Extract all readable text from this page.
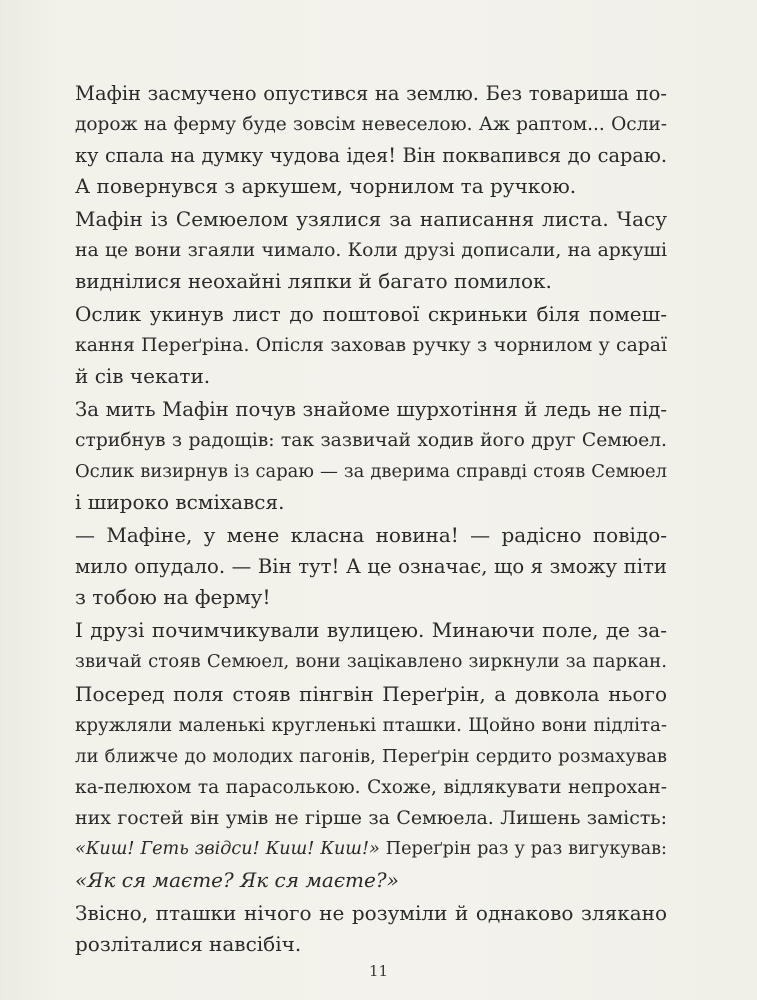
Мафін засмучено опустився на землю. Без товариша по-
дорож на ферму буде зовсім невеселою. Аж раптом... Осли-
ку спала на думку чудова ідея! Він поквапився до сараю.
А повернувся з аркушем, чорнилом та ручкою.
Мафін із Семюелом узялися за написання листа. Часу
на це вони згаяли чимало. Коли друзі дописали, на аркуші
виднілися неохайні ляпки й багато помилок.
Ослик укинув лист до поштової скриньки біля помеш-
кання Переґріна. Опісля заховав ручку з чорнилом у сараї
й сів чекати.
За мить Мафін почув знайоме шурхотіння й ледь не під-
стрибнув з радощів: так зазвичай ходив його друг Семюел.
Ослик визирнув із сараю — за дверима справді стояв Семюел
і широко всміхався.
— Мафіне, у мене класна новина! — радісно повідо-
мило опудало. — Він тут! А це означає, що я зможу піти
з тобою на ферму!
І друзі почимчикували вулицею. Минаючи поле, де за-
звичай стояв Семюел, вони зацікавлено зиркнули за паркан.
Посеред поля стояв пінгвін Переґрін, а довкола нього
кружляли маленькі кругленькі пташки. Щойно вони підліта-
ли ближче до молодих пагонів, Переґрін сердито розмахував
ка-пелюхом та парасолькою. Схоже, відлякувати непрохан-
них гостей він умів не гірше за Семюела. Лишень замість:
«Киш! Геть звідси! Киш! Киш!» Переґрін раз у раз вигукував:
«Як ся маєте? Як ся маєте?»
Звісно, пташки нічого не розуміли й однаково злякано
розліталися навсібіч.
11
